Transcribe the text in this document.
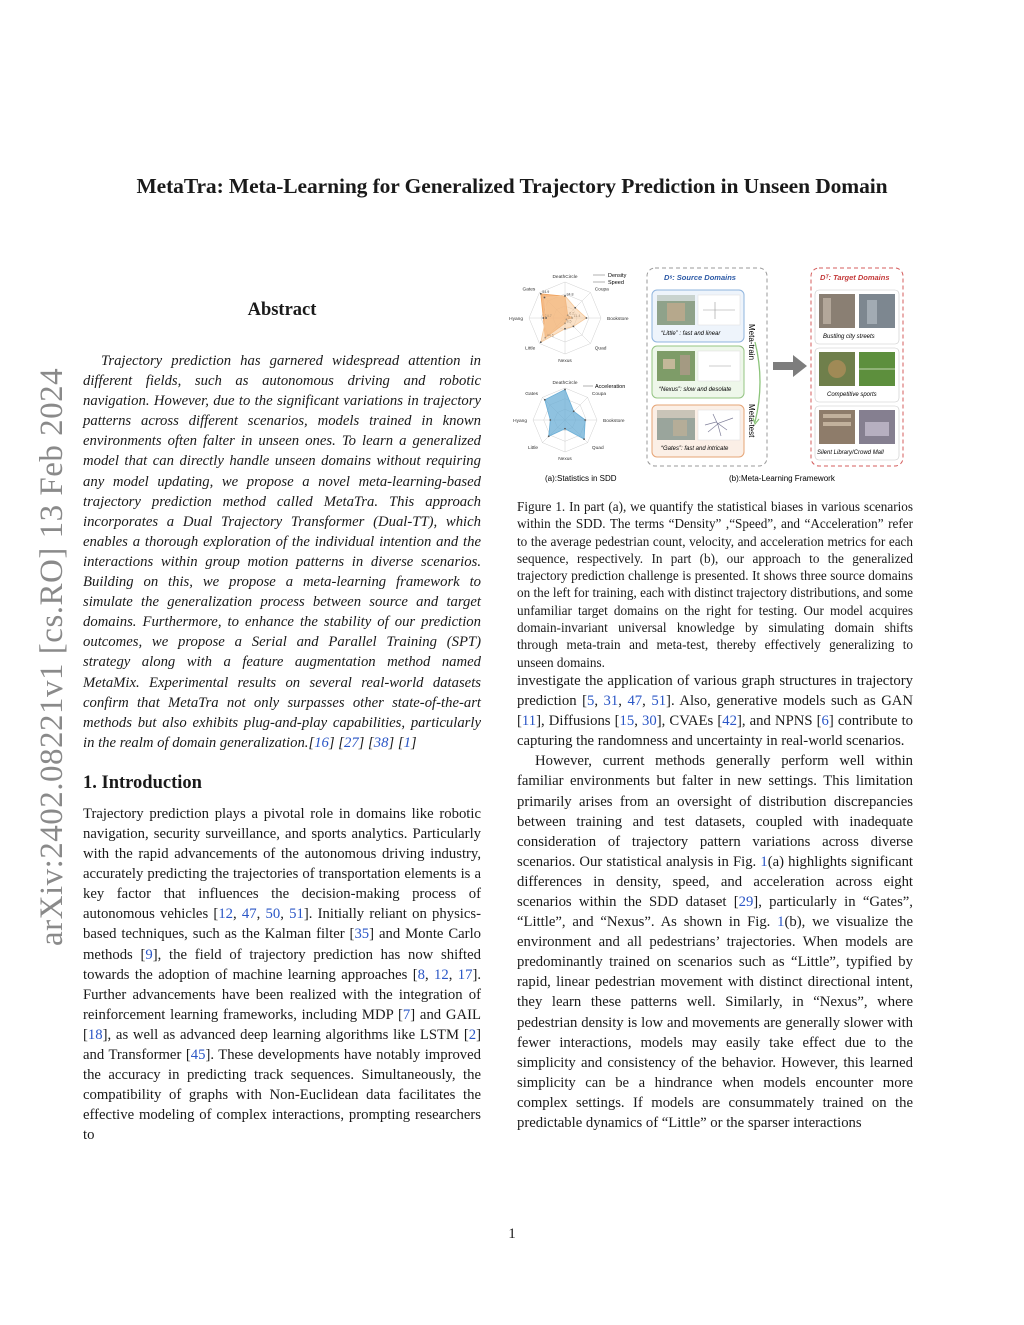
MetaTra: Meta-Learning for Generalized Trajectory Prediction in Unseen Domain
arXiv:2402.08221v1 [cs.RO] 13 Feb 2024
Abstract

Trajectory prediction has garnered widespread attention in different fields, such as autonomous driving and robotic navigation. However, due to the significant variations in trajectory patterns across different scenarios, models trained in known environments often falter in unseen ones. To learn a generalized model that can directly handle unseen domains without requiring any model updating, we propose a novel meta-learning-based trajectory prediction method called MetaTra. This approach incorporates a Dual Trajectory Transformer (Dual-TT), which enables a thorough exploration of the individual intention and the interactions within group motion patterns in diverse scenarios. Building on this, we propose a meta-learning framework to simulate the generalization process between source and target domains. Furthermore, to enhance the stability of our prediction outcomes, we propose a Serial and Parallel Training (SPT) strategy along with a feature augmentation method named MetaMix. Experimental results on several real-world datasets confirm that MetaTra not only surpasses other state-of-the-art methods but also exhibits plug-and-play capabilities, particularly in the realm of domain generalization.[16] [27] [38] [1]

1. Introduction

Trajectory prediction plays a pivotal role in domains like robotic navigation, security surveillance, and sports analytics. Particularly with the rapid advancements of the autonomous driving industry, accurately predicting the trajectories of transportation elements is a key factor that influences the decision-making process of autonomous vehicles [12, 47, 50, 51]. Initially reliant on physics-based techniques, such as the Kalman filter [35] and Monte Carlo methods [9], the field of trajectory prediction has now shifted towards the adoption of machine learning approaches [8, 12, 17]. Further advancements have been realized with the integration of reinforcement learning frameworks, including MDP [7] and GAIL [18], as well as advanced deep learning algorithms like LSTM [2] and Transformer [45]. These developments have notably improved the accuracy in predicting track sequences. Simultaneously, the compatibility of graphs with Non-Euclidean data facilitates the effective modeling of complex interactions, prompting researchers to

DeathCircle
Coupa
Bookstore
Quad
Nexus
Little
Hyang
Gates
34.8
54.9
DeathCircle
Coupa
Bookstore
Quad
Nexus
Little
Hyang
Gates
Density
Speed
Acceleration
(a):Statistics in SDD
Dˢ: Source Domains
“Little” : fast and linear
“Nexus”: slow and desolate
“Gates”: fast and intricate
Meta-train
Meta-test
Dᵀ: Target Domains
Bustling city streets
Competitive sports
Silent Library/Crowd Mall
(b):Meta-Learning Framework

Figure 1. In part (a), we quantify the statistical biases in various scenarios within the SDD. The terms “Density” ,“Speed”, and “Acceleration” refer to the average pedestrian count, velocity, and acceleration metrics for each sequence, respectively. In part (b), our approach to the generalized trajectory prediction challenge is presented. It shows three source domains on the left for training, each with distinct trajectory distributions, and some unfamiliar target domains on the right for testing. Our model acquires domain-invariant universal knowledge by simulating domain shifts through meta-train and meta-test, thereby effectively generalizing to unseen domains.

investigate the application of various graph structures in trajectory prediction [5, 31, 47, 51]. Also, generative models such as GAN [11], Diffusions [15, 30], CVAEs [42], and NPNS [6] contribute to capturing the randomness and uncertainty in real-world scenarios.

However, current methods generally perform well within familiar environments but falter in new settings. This limitation primarily arises from an oversight of distribution discrepancies between training and test datasets, coupled with inadequate consideration of trajectory pattern variations across diverse scenarios. Our statistical analysis in Fig. 1(a) highlights significant differences in density, speed, and acceleration across eight scenarios within the SDD dataset [29], particularly in “Gates”, “Little”, and “Nexus”. As shown in Fig. 1(b), we visualize the environment and all pedestrians’ trajectories. When models are predominantly trained on scenarios such as “Little”, typified by rapid, linear pedestrian movement with distinct directional intent, they learn these patterns well. Similarly, in “Nexus”, where pedestrian density is low and movements are generally slower with fewer interactions, models may easily take effect due to the simplicity and consistency of the behavior. However, this learned simplicity can be a hindrance when models encounter more complex settings. If models are consummately trained on the predictable dynamics of “Little” or the sparser interactions

1
